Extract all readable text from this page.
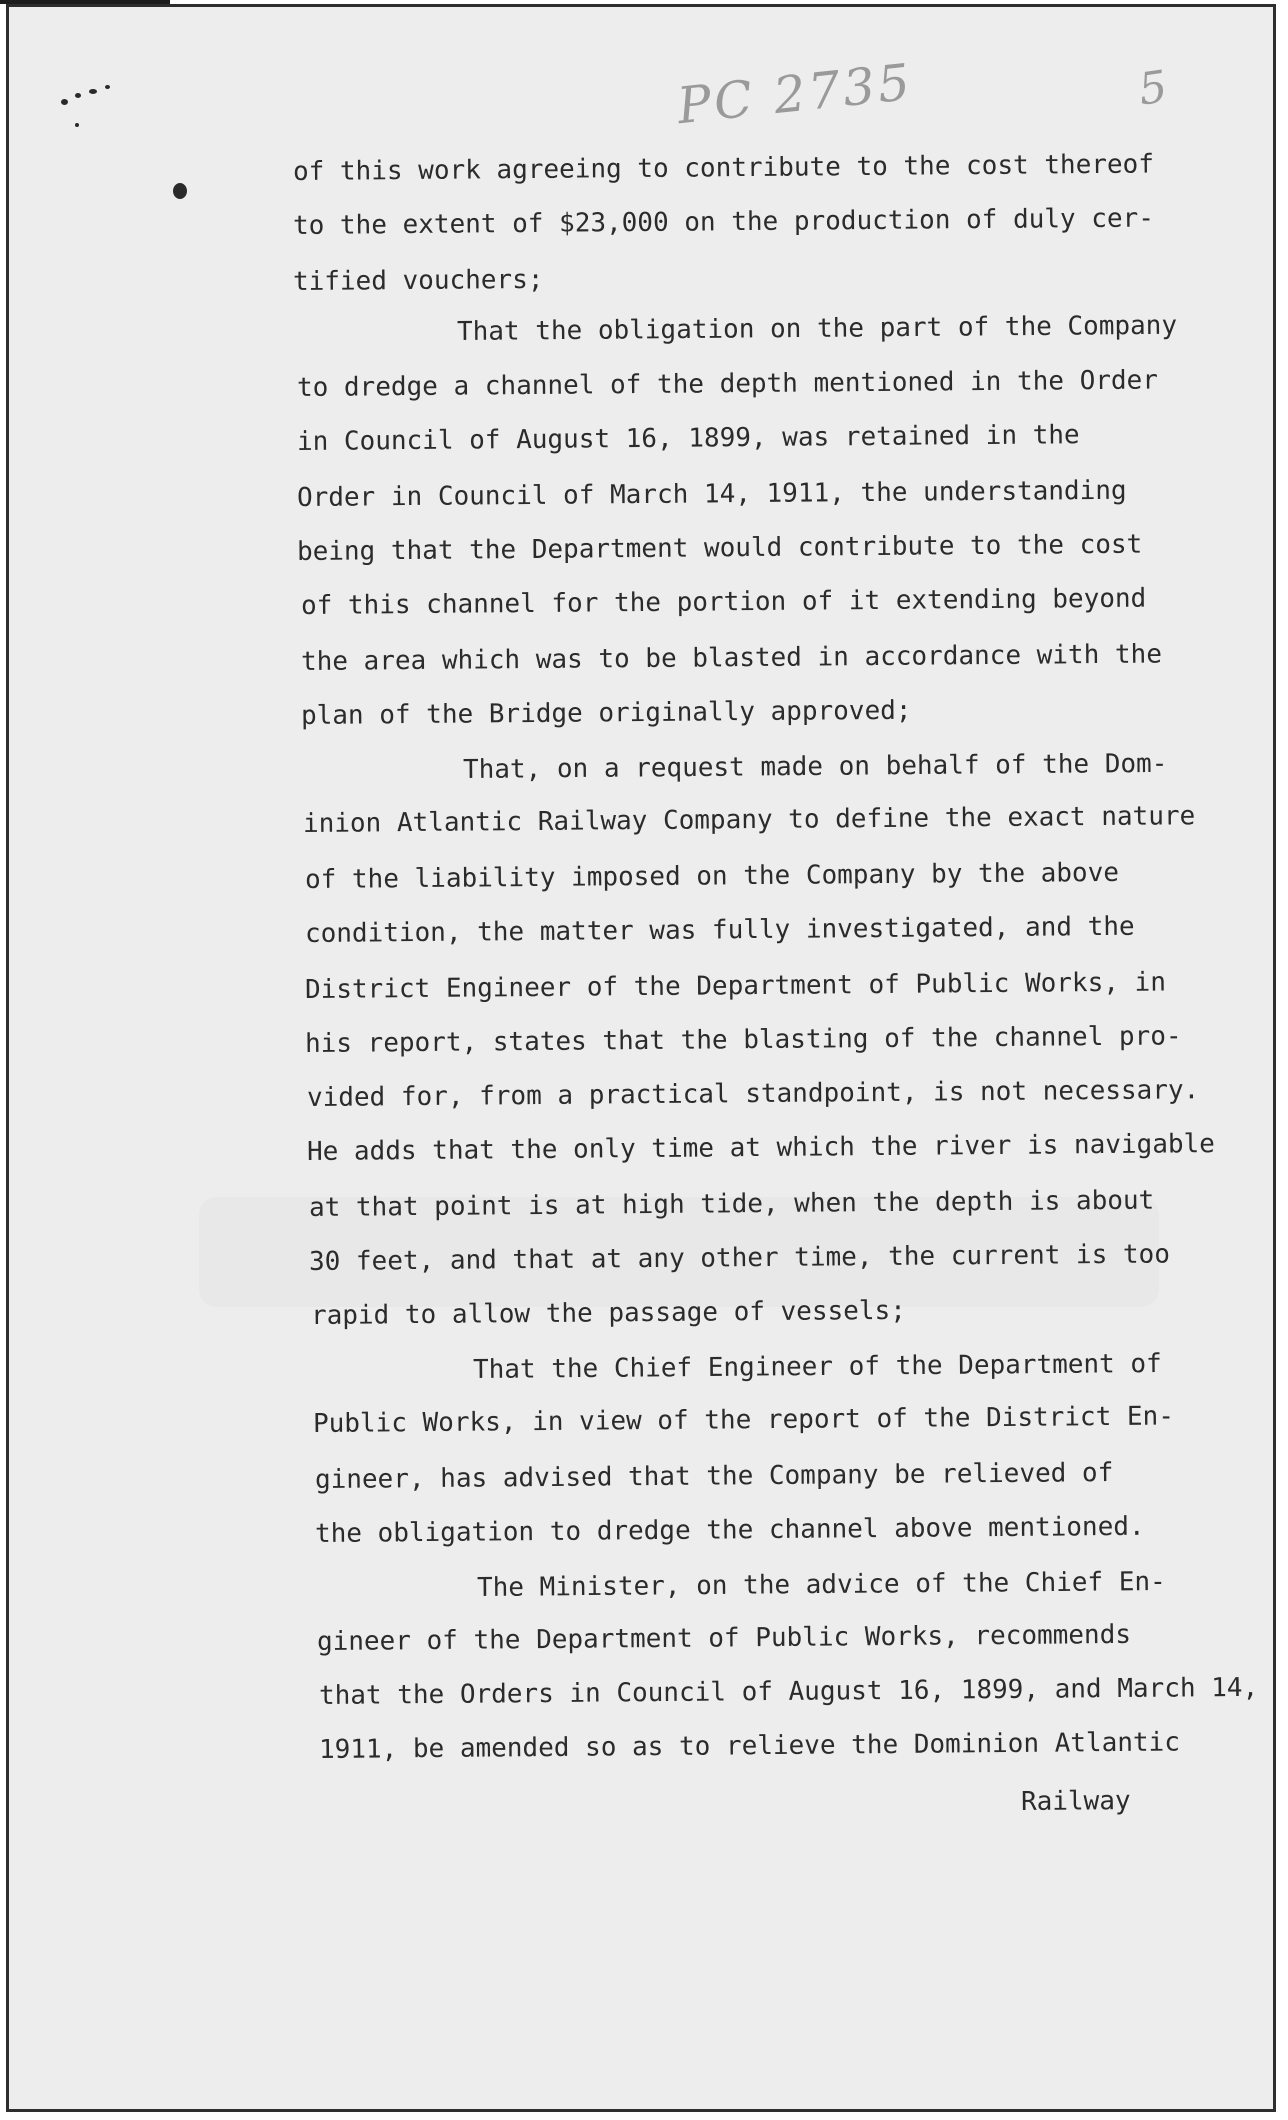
PC 2735	5
of this work agreeing to contribute to the cost thereof
to the extent of $23,000 on the production of duly cer-
tified vouchers;
That the obligation on the part of the Company
to dredge a channel of the depth mentioned in the Order
in Council of August 16, 1899, was retained in the
Order in Council of March 14, 1911, the understanding
being that the Department would contribute to the cost
of this channel for the portion of it extending beyond
the area which was to be blasted in accordance with the
plan of the Bridge originally approved;
That, on a request made on behalf of the Dom-
inion Atlantic Railway Company to define the exact nature
of the liability imposed on the Company by the above
condition, the matter was fully investigated, and the
District Engineer of the Department of Public Works, in
his report, states that the blasting of the channel pro-
vided for, from a practical standpoint, is not necessary.
He adds that the only time at which the river is navigable
at that point is at high tide, when the depth is about
30 feet, and that at any other time, the current is too
rapid to allow the passage of vessels;
That the Chief Engineer of the Department of
Public Works, in view of the report of the District En-
gineer, has advised that the Company be relieved of
the obligation to dredge the channel above mentioned.
The Minister, on the advice of the Chief En-
gineer of the Department of Public Works, recommends
that the Orders in Council of August 16, 1899, and March 14,
1911, be amended so as to relieve the Dominion Atlantic
Railway
